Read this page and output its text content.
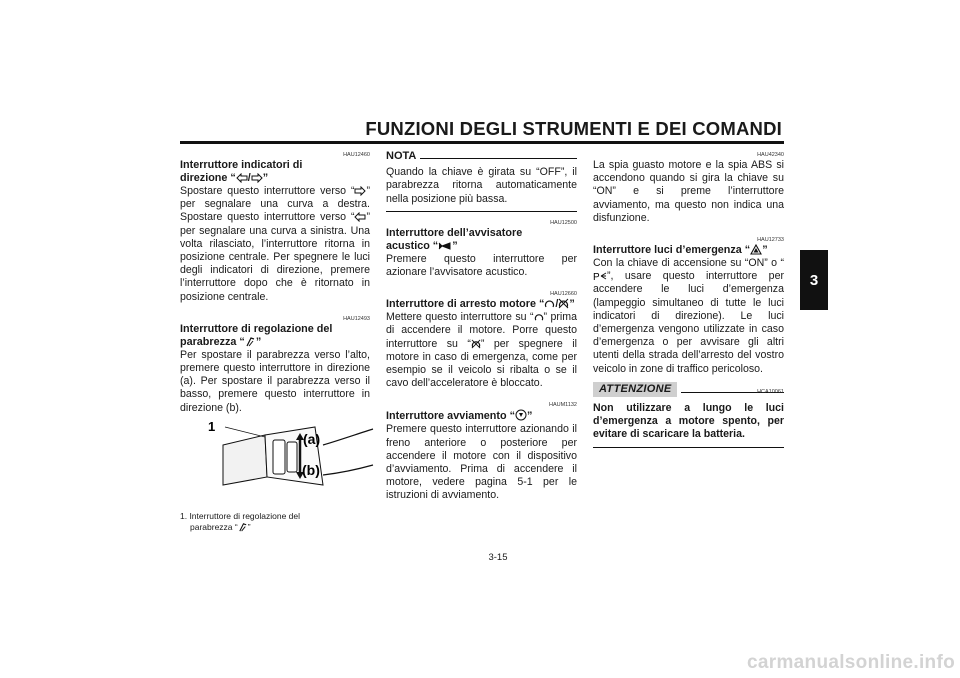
FUNZIONI DEGLI STRUMENTI E DEI COMANDI
3
HAU12460
Interruttore indicatori di
direzione “ / ”

Spostare questo interruttore verso “ ” per segnalare una curva a destra. Spostare questo interruttore verso “ ” per segnalare una curva a sinistra. Una volta rilasciato, l’interruttore ritorna in posizione centrale. Per spegnere le luci degli indicatori di direzione, premere l’interruttore dopo che è ritornato in posizione centrale.

HAU12493
Interruttore di regolazione del
parabrezza “ ”

Per spostare il parabrezza verso l’alto, premere questo interruttore in direzione (a). Per spostare il parabrezza verso il basso, premere questo interruttore in direzione (b).

1
(a)
(b)
1. Interruttore di regolazione del
parabrezza “ ”
NOTA

Quando la chiave è girata su “OFF”, il parabrezza ritorna automaticamente nella posizione più bassa.

HAU12500
Interruttore dell’avvisatore
acustico “ ”

Premere questo interruttore per azionare l’avvisatore acustico.

HAU12660
Interruttore di arresto motore “ / ”

Mettere questo interruttore su “ ” prima di accendere il motore. Porre questo interruttore su “ ” per spegnere il motore in caso di emergenza, come per esempio se il veicolo si ribalta o se il cavo dell’acceleratore è bloccato.

HAUM1132
Interruttore avviamento “ ”

Premere questo interruttore azionando il freno anteriore o posteriore per accendere il motore con il dispositivo d’avviamento. Prima di accendere il motore, vedere pagina 5-1 per le istruzioni di avviamento.

HAU42340

La spia guasto motore e la spia ABS si accendono quando si gira la chiave su “ON” e si preme l’interruttore avviamento, ma questo non indica una disfunzione.

HAU12733
Interruttore luci d’emergenza “ ”

Con la chiave di accensione su “ON” o “
P ”, usare questo interruttore per accendere le luci d’emergenza (lampeggio simultaneo di tutte le luci indicatori di direzione). Le luci d’emergenza vengono utilizzate in caso d’emergenza o per avvisare gli altri utenti della strada dell’arresto del vostro veicolo in zone di traffico pericoloso.

ATTENZIONE	HCA10061

Non utilizzare a lungo le luci d’emergenza a motore spento, per evitare di scaricare la batteria.

3-15
carmanualsonline.info
